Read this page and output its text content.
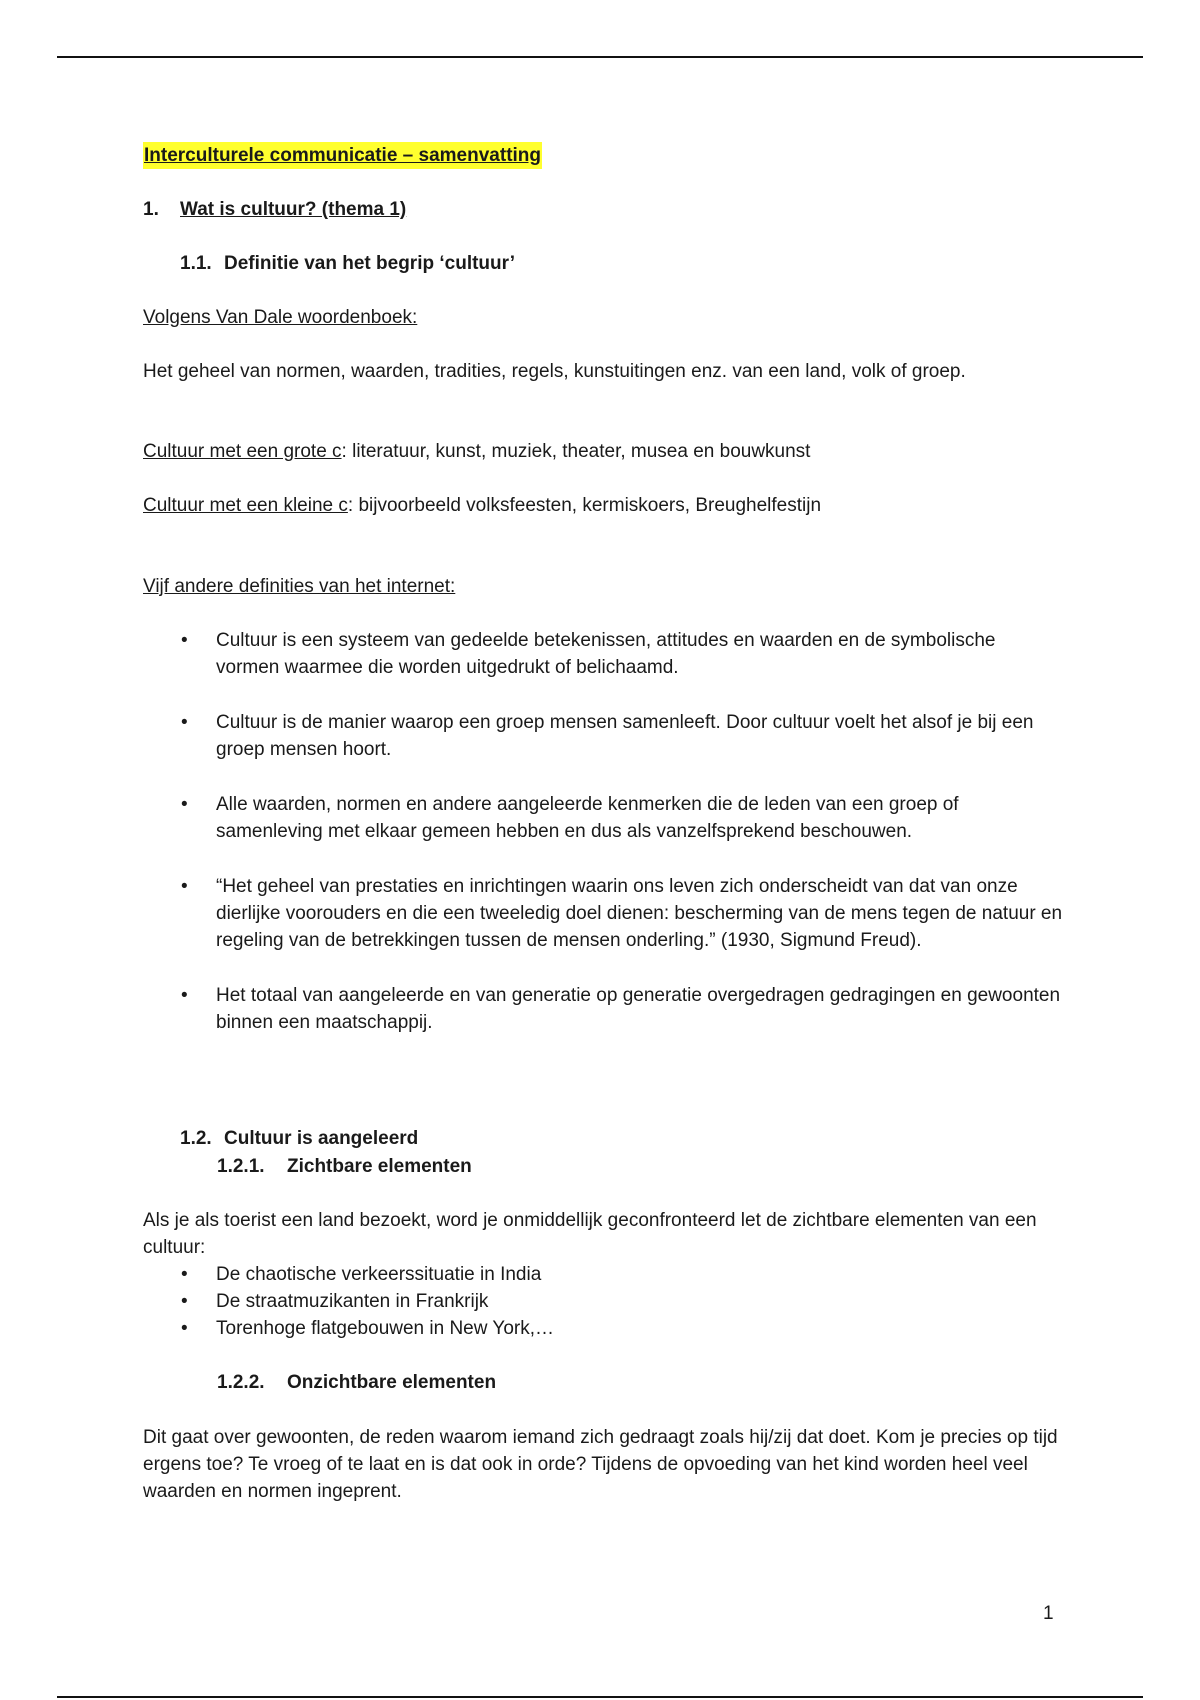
Interculturele communicatie – samenvatting
1. Wat is cultuur? (thema 1)
1.1. Definitie van het begrip ‘cultuur’
Volgens Van Dale woordenboek:
Het geheel van normen, waarden, tradities, regels, kunstuitingen enz. van een land, volk of groep.
Cultuur met een grote c: literatuur, kunst, muziek, theater, musea en bouwkunst
Cultuur met een kleine c: bijvoorbeeld volksfeesten, kermiskoers, Breughelfestijn
Vijf andere definities van het internet:
• Cultuur is een systeem van gedeelde betekenissen, attitudes en waarden en de symbolische vormen waarmee die worden uitgedrukt of belichaamd.
• Cultuur is de manier waarop een groep mensen samenleeft. Door cultuur voelt het alsof je bij een groep mensen hoort.
• Alle waarden, normen en andere aangeleerde kenmerken die de leden van een groep of samenleving met elkaar gemeen hebben en dus als vanzelfsprekend beschouwen.
• “Het geheel van prestaties en inrichtingen waarin ons leven zich onderscheidt van dat van onze dierlijke voorouders en die een tweeledig doel dienen: bescherming van de mens tegen de natuur en regeling van de betrekkingen tussen de mensen onderling.” (1930, Sigmund Freud).
• Het totaal van aangeleerde en van generatie op generatie overgedragen gedragingen en gewoonten binnen een maatschappij.
1.2. Cultuur is aangeleerd
1.2.1. Zichtbare elementen
Als je als toerist een land bezoekt, word je onmiddellijk geconfronteerd let de zichtbare elementen van een cultuur:
• De chaotische verkeerssituatie in India
• De straatmuzikanten in Frankrijk
• Torenhoge flatgebouwen in New York,…
1.2.2. Onzichtbare elementen
Dit gaat over gewoonten, de reden waarom iemand zich gedraagt zoals hij/zij dat doet. Kom je precies op tijd ergens toe? Te vroeg of te laat en is dat ook in orde? Tijdens de opvoeding van het kind worden heel veel waarden en normen ingeprent.
1
